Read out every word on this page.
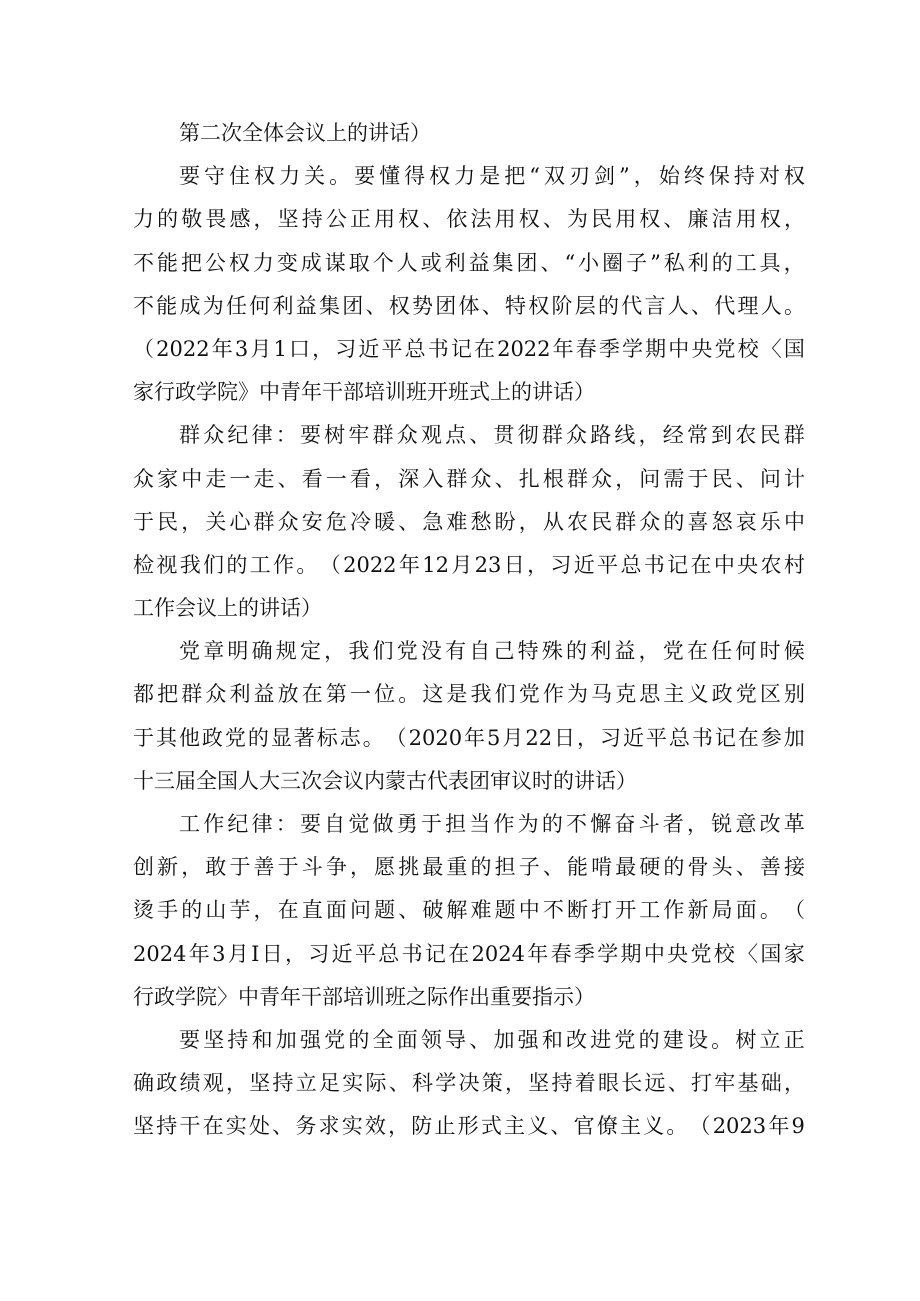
第二次全体会议上的讲话）
要 守 住 权 力 关 。 要 懂 得 权 力 是 把 “ 双 刃 剑 ” ， 始 终 保 持 对 权
力 的 敬 畏 感 ， 坚 持 公 正 用 权 、 依 法 用 权 、 为 民 用 权 、 廉 洁 用 权 ，
不 能 把 公 权 力 变 成 谋 取 个 人 或 利 益 集 团 、 “ 小 圈 子 ” 私 利 的 工 具 ，
不 能 成 为 任 何 利 益 集 团 、 权 势 团 体 、 特 权 阶 层 的 代 言 人 、 代 理 人 。
（ 2022 年 3 月 1 口 ， 习 近 平 总 书 记 在 2022 年 春 季 学 期 中 央 党 校 〈 国
家行政学院》中青年干部培训班开班式上的讲话）
群 众 纪 律 ： 要 树 牢 群 众 观 点 、 贯 彻 群 众 路 线 ， 经 常 到 农 民 群
众 家 中 走 一 走 、 看 一 看 ， 深 入 群 众 、 扎 根 群 众 ， 问 需 于 民 、 问 计
于 民 ， 关 心 群 众 安 危 冷 暖 、 急 难 愁 盼 ， 从 农 民 群 众 的 喜 怒 哀 乐 中
检 视 我 们 的 工 作 。 （ 2022 年 12 月 23 日 ， 习 近 平 总 书 记 在 中 央 农 村
工作会议上的讲话）
党 章 明 确 规 定 ， 我 们 党 没 有 自 己 特 殊 的 利 益 ， 党 在 任 何 时 候
都 把 群 众 利 益 放 在 第 一 位 。 这 是 我 们 党 作 为 马 克 思 主 义 政 党 区 别
于 其 他 政 党 的 显 著 标 志 。 （ 2020 年 5 月 22 日 ， 习 近 平 总 书 记 在 参 加
十三届全国人大三次会议内蒙古代表团审议时的讲话）
工 作 纪 律 ： 要 自 觉 做 勇 于 担 当 作 为 的 不 懈 奋 斗 者 ， 锐 意 改 革
创 新 ， 敢 于 善 于 斗 争 ， 愿 挑 最 重 的 担 子 、 能 啃 最 硬 的 骨 头 、 善 接
烫 手 的 山 芋 ， 在 直 面 问 题 、 破 解 难 题 中 不 断 打 开 工 作 新 局 面 。 （
2024 年 3 月 I 日 ， 习 近 平 总 书 记 在 2024 年 春 季 学 期 中 央 党 校 〈 国 家
行政学院〉中青年干部培训班之际作出重要指示）
要 坚 持 和 加 强 党 的 全 面 领 导 、 加 强 和 改 进 党 的 建 设 。 树 立 正
确 政 绩 观 ， 坚 持 立 足 实 际 、 科 学 决 策 ， 坚 持 着 眼 长 远 、 打 牢 基 础 ，
坚 持 干 在 实 处 、 务 求 实 效 ， 防 止 形 式 主 义 、 官 僚 主 义 。 （ 2023 年 9
